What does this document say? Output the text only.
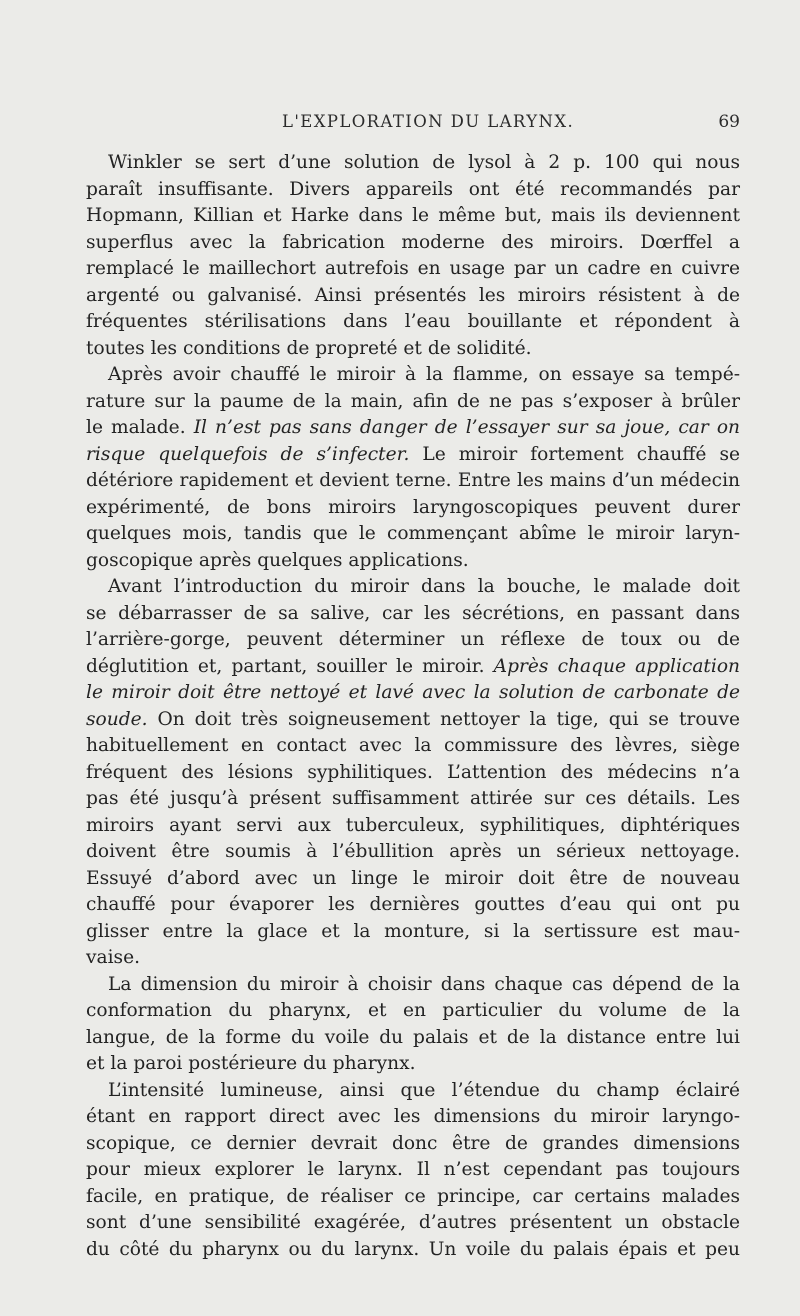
L'EXPLORATION DU LARYNX.	69
Winkler se sert d’une solution de lysol à 2 p. 100 qui nous
paraît insuffisante. Divers appareils ont été recommandés par
Hopmann, Killian et Harke dans le même but, mais ils deviennent
superflus avec la fabrication moderne des miroirs. Dœrffel a
remplacé le maillechort autrefois en usage par un cadre en cuivre
argenté ou galvanisé. Ainsi présentés les miroirs résistent à de
fréquentes stérilisations dans l’eau bouillante et répondent à
toutes les conditions de propreté et de solidité.
Après avoir chauffé le miroir à la flamme, on essaye sa tempé-
rature sur la paume de la main, afin de ne pas s’exposer à brûler
le malade. Il n’est pas sans danger de l’essayer sur sa joue, car on
risque quelquefois de s’infecter. Le miroir fortement chauffé se
détériore rapidement et devient terne. Entre les mains d’un médecin
expérimenté, de bons miroirs laryngoscopiques peuvent durer
quelques mois, tandis que le commençant abîme le miroir laryn-
goscopique après quelques applications.
Avant l’introduction du miroir dans la bouche, le malade doit
se débarrasser de sa salive, car les sécrétions, en passant dans
l’arrière-gorge, peuvent déterminer un réflexe de toux ou de
déglutition et, partant, souiller le miroir. Après chaque application
le miroir doit être nettoyé et lavé avec la solution de carbonate de
soude. On doit très soigneusement nettoyer la tige, qui se trouve
habituellement en contact avec la commissure des lèvres, siège
fréquent des lésions syphilitiques. L’attention des médecins n’a
pas été jusqu’à présent suffisamment attirée sur ces détails. Les
miroirs ayant servi aux tuberculeux, syphilitiques, diphtériques
doivent être soumis à l’ébullition après un sérieux nettoyage.
Essuyé d’abord avec un linge le miroir doit être de nouveau
chauffé pour évaporer les dernières gouttes d’eau qui ont pu
glisser entre la glace et la monture, si la sertissure est mau-
vaise.
La dimension du miroir à choisir dans chaque cas dépend de la
conformation du pharynx, et en particulier du volume de la
langue, de la forme du voile du palais et de la distance entre lui
et la paroi postérieure du pharynx.
L’intensité lumineuse, ainsi que l’étendue du champ éclairé
étant en rapport direct avec les dimensions du miroir laryngo-
scopique, ce dernier devrait donc être de grandes dimensions
pour mieux explorer le larynx. Il n’est cependant pas toujours
facile, en pratique, de réaliser ce principe, car certains malades
sont d’une sensibilité exagérée, d’autres présentent un obstacle
du côté du pharynx ou du larynx. Un voile du palais épais et peu
